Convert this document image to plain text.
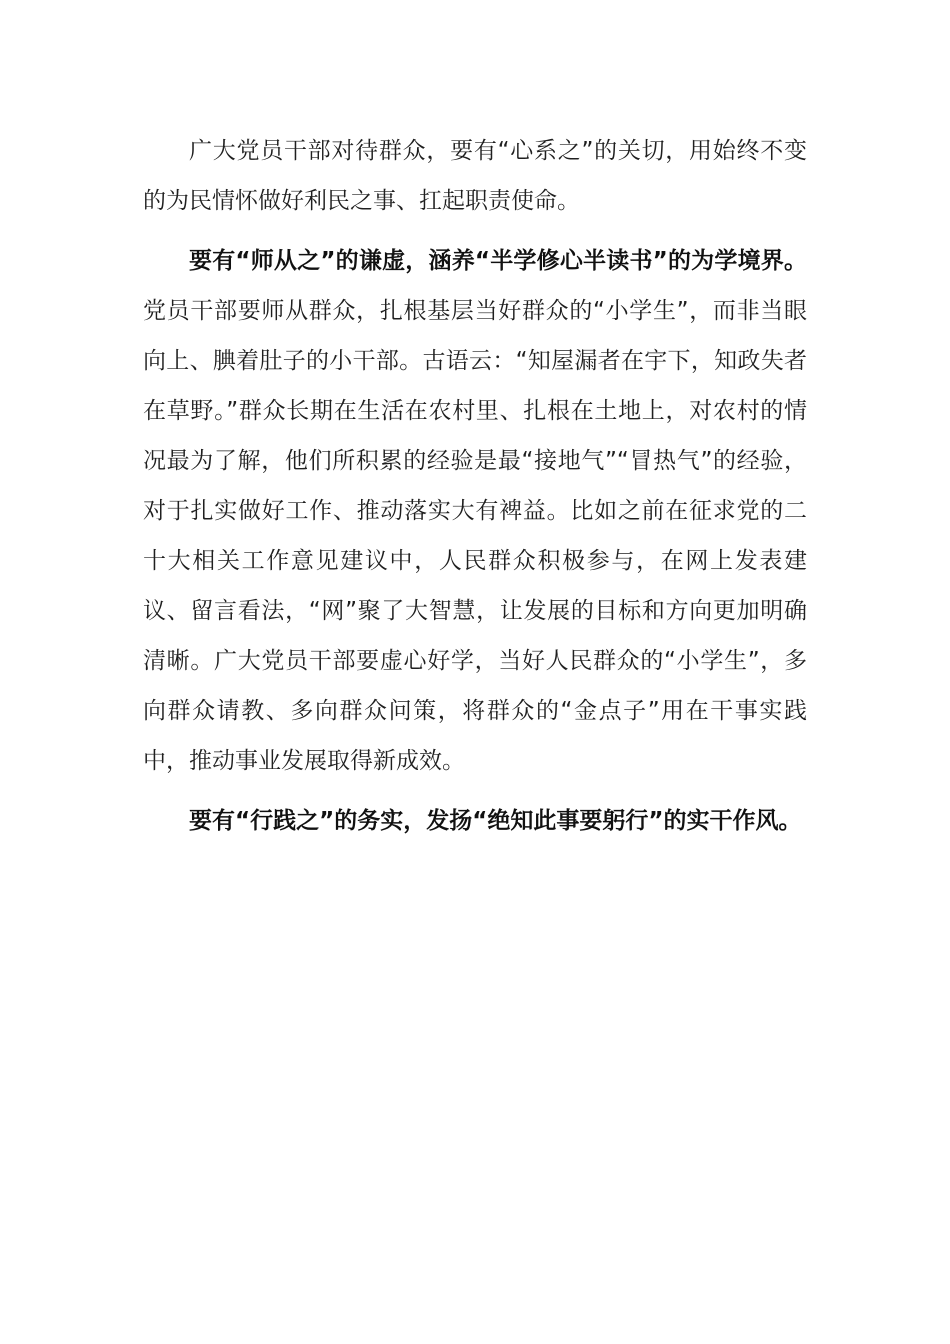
广大党员干部对待群众，要有“心系之”的关切，用始终不变的为民情怀做好利民之事、扛起职责使命。

要有“师从之”的谦虚，涵养“半学修心半读书”的为学境界。党员干部要师从群众，扎根基层当好群众的“小学生”，而非当眼向上、腆着肚子的小干部。古语云：“知屋漏者在宇下，知政失者在草野。”群众长期在生活在农村里、扎根在土地上，对农村的情况最为了解，他们所积累的经验是最“接地气”“冒热气”的经验，对于扎实做好工作、推动落实大有裨益。比如之前在征求党的二十大相关工作意见建议中，人民群众积极参与，在网上发表建议、留言看法，“网”聚了大智慧，让发展的目标和方向更加明确清晰。广大党员干部要虚心好学，当好人民群众的“小学生”，多向群众请教、多向群众问策，将群众的“金点子”用在干事实践中，推动事业发展取得新成效。

要有“行践之”的务实，发扬“绝知此事要躬行”的实干作风。
